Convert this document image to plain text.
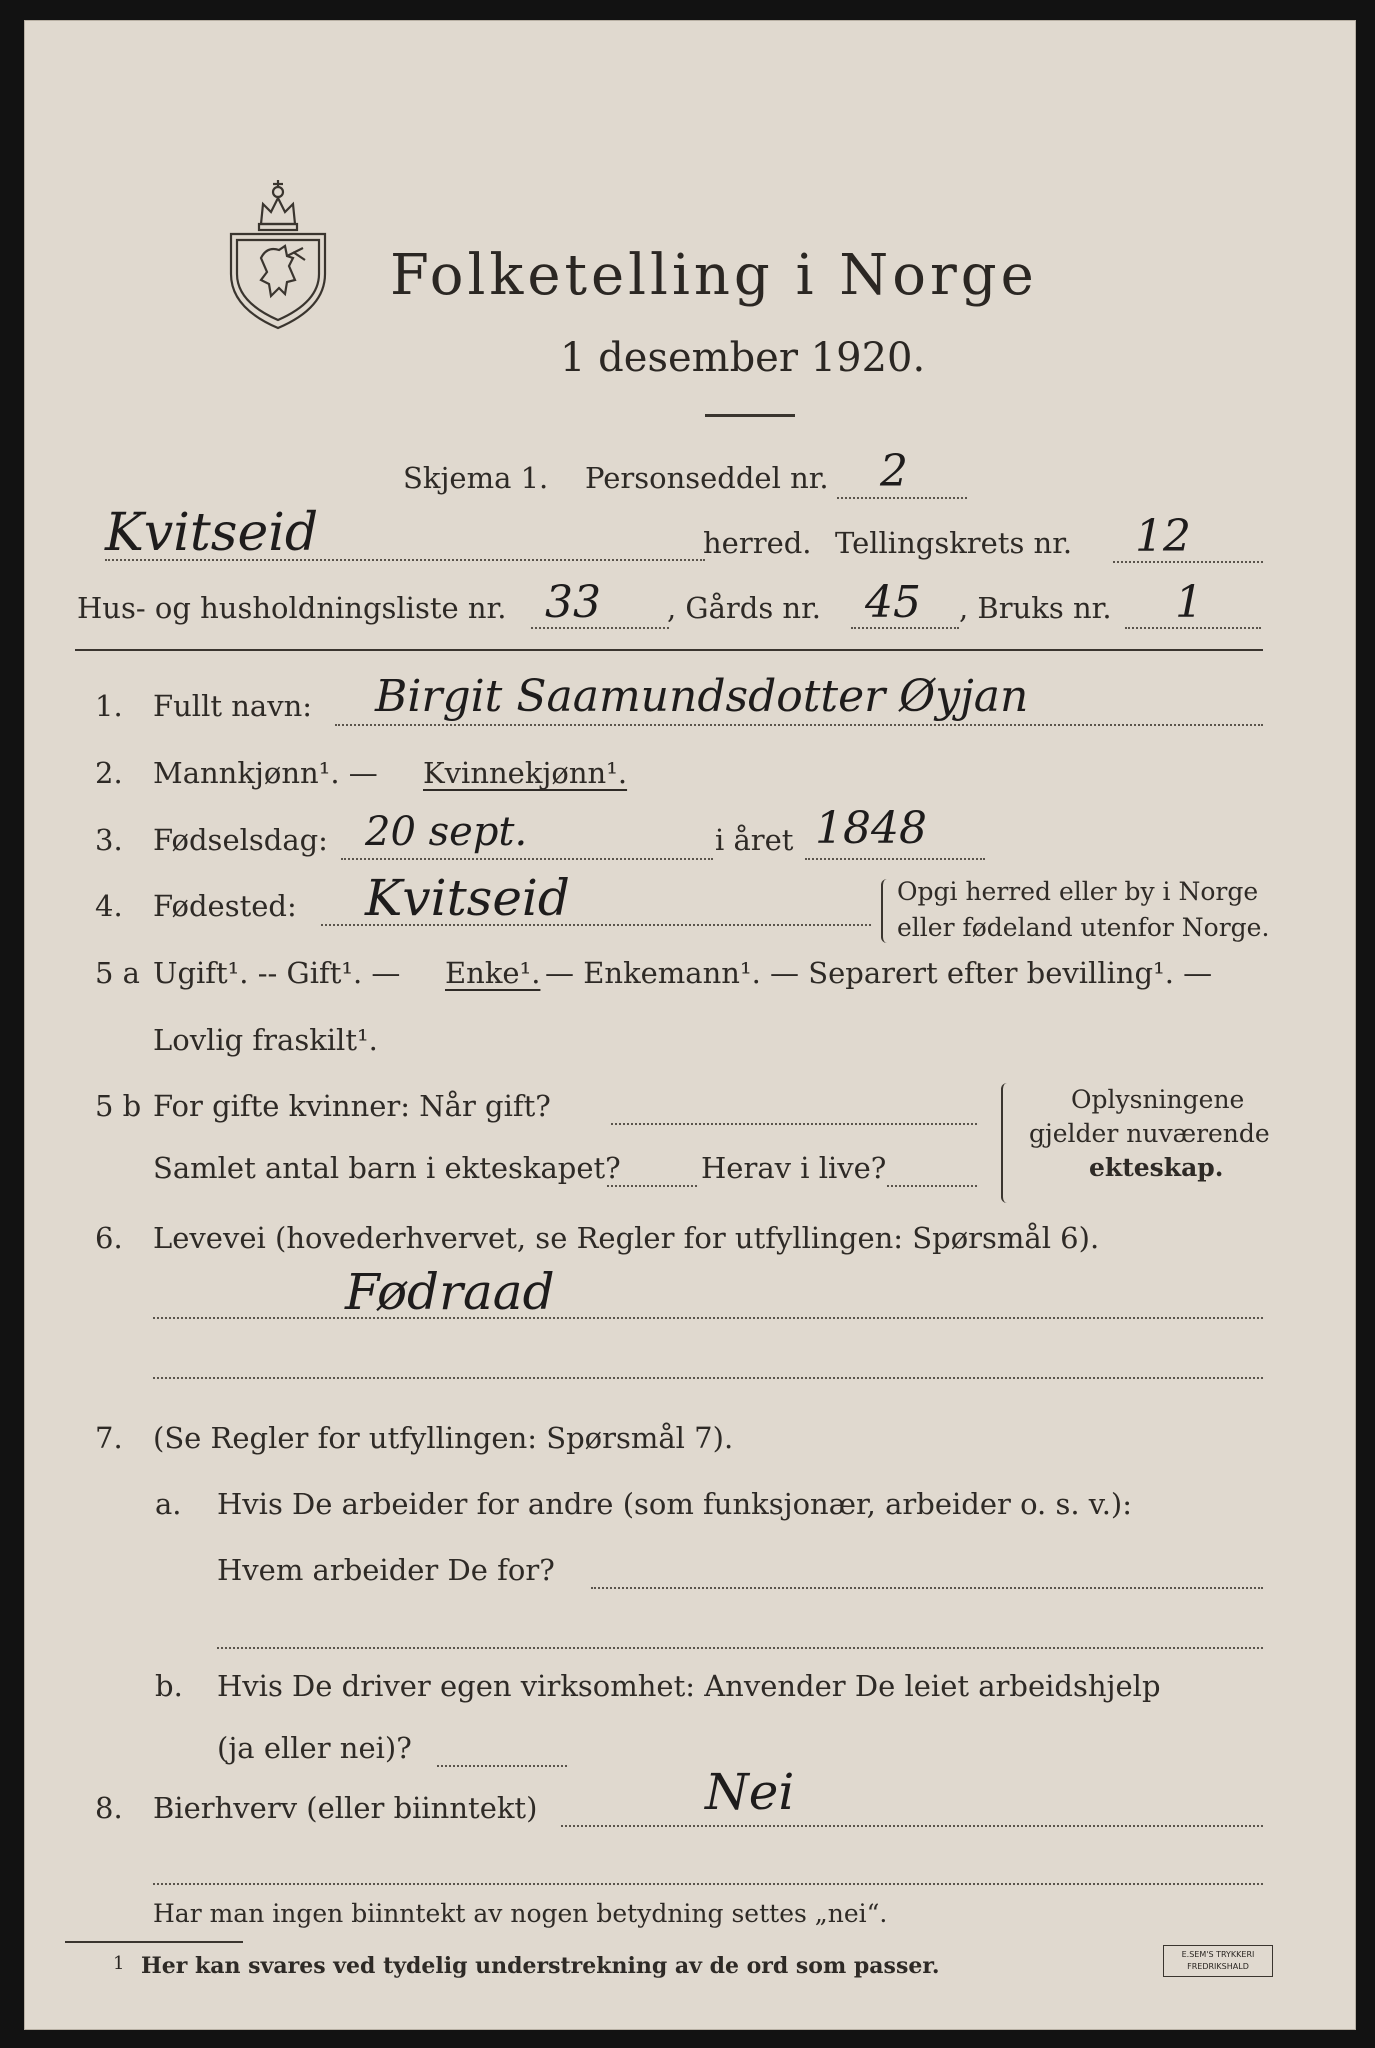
Folketelling i Norge
1 desember 1920.
Skjema 1. Personseddel nr. 2
Kvitseid	herred. Tellingskrets nr. 12
Hus- og husholdningsliste nr. 33 , Gårds nr. 45 , Bruks nr. 1
1. Fullt navn: Birgit Saamundsdotter Øyjan
2. Mannkjønn¹. — Kvinnekjønn¹.
3. Fødselsdag: 20 sept.	i året 1848
4. Fødested: Kvitseid	Opgi herred eller by i Norge
eller fødeland utenfor Norge.
5 a Ugift¹. -- Gift¹. — Enke¹. — Enkemann¹. — Separert efter bevilling¹. —
Lovlig fraskilt¹.
5 b For gifte kvinner: Når gift?
Samlet antal barn i ekteskapet?	Herav i live?
Oplysningene
gjelder nuværende
ekteskap.
6. Levevei (hovederhvervet, se Regler for utfyllingen: Spørsmål 6).
Fødraad
7. (Se Regler for utfyllingen: Spørsmål 7).
a. Hvis De arbeider for andre (som funksjonær, arbeider o. s. v.):
Hvem arbeider De for?
b. Hvis De driver egen virksomhet: Anvender De leiet arbeidshjelp
(ja eller nei)?
8. Bierhverv (eller biinntekt)	Nei
Har man ingen biinntekt av nogen betydning settes „nei“.
1 Her kan svares ved tydelig understrekning av de ord som passer.	E.SEM'S TRYKKERI
FREDRIKSHALD
